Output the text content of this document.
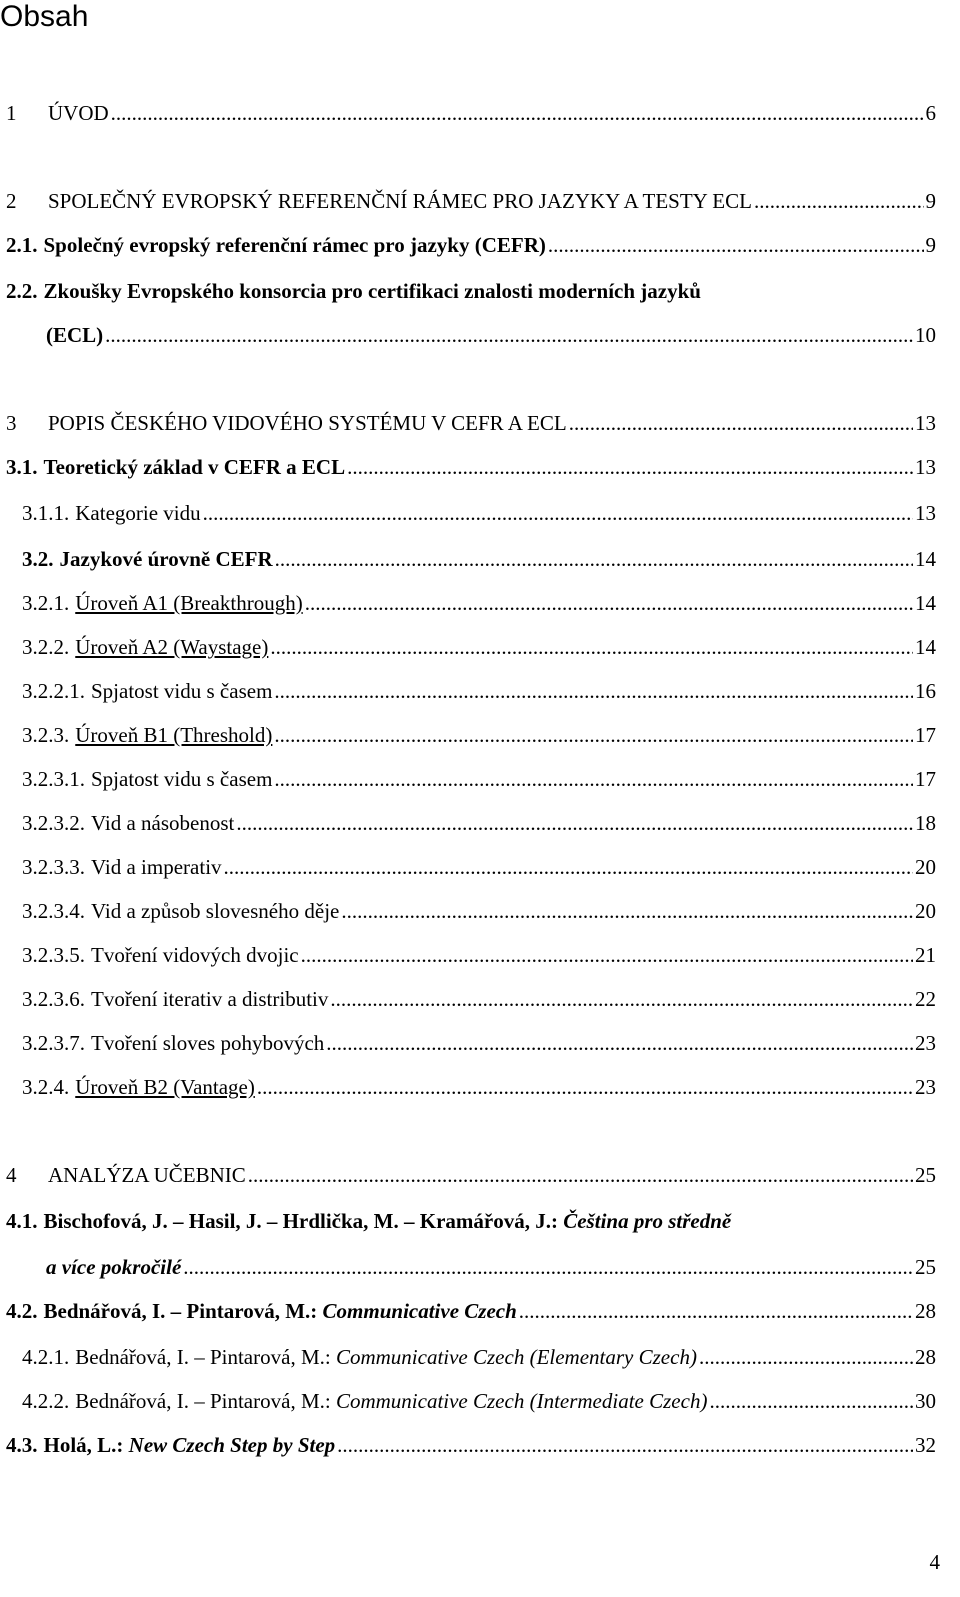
Obsah
1 ÚVOD .....	6
2 SPOLEČNÝ EVROPSKÝ REFERENČNÍ RÁMEC PRO JAZYKY A TESTY ECL .....	9
2.1. Společný evropský referenční rámec pro jazyky (CEFR) .....	9
2.2. Zkoušky Evropského konsorcia pro certifikaci znalosti moderních jazyků
(ECL) .....	10
3 POPIS ČESKÉHO VIDOVÉHO SYSTÉMU V CEFR A ECL .....	13
3.1. Teoretický základ v CEFR a ECL .....	13
3.1.1. Kategorie vidu .....	13
3.2. Jazykové úrovně CEFR .....	14
3.2.1. Úroveň A1 (Breakthrough) .....	14
3.2.2. Úroveň A2 (Waystage) .....	14
3.2.2.1. Spjatost vidu s časem .....	16
3.2.3. Úroveň B1 (Threshold) .....	17
3.2.3.1. Spjatost vidu s časem .....	17
3.2.3.2. Vid a násobenost .....	18
3.2.3.3. Vid a imperativ .....	20
3.2.3.4. Vid a způsob slovesného děje .....	20
3.2.3.5. Tvoření vidových dvojic .....	21
3.2.3.6. Tvoření iterativ a distributiv .....	22
3.2.3.7. Tvoření sloves pohybových .....	23
3.2.4. Úroveň B2 (Vantage) .....	23
4 ANALÝZA UČEBNIC .....	25
4.1. Bischofová, J. – Hasil, J. – Hrdlička, M. – Kramářová, J.: Čeština pro středně
a více pokročilé .....	25
4.2. Bednářová, I. – Pintarová, M.: Communicative Czech .....	28
4.2.1. Bednářová, I. – Pintarová, M.: Communicative Czech (Elementary Czech) .....	28
4.2.2. Bednářová, I. – Pintarová, M.: Communicative Czech (Intermediate Czech) .....	30
4.3. Holá, L.: New Czech Step by Step .....	32
4
